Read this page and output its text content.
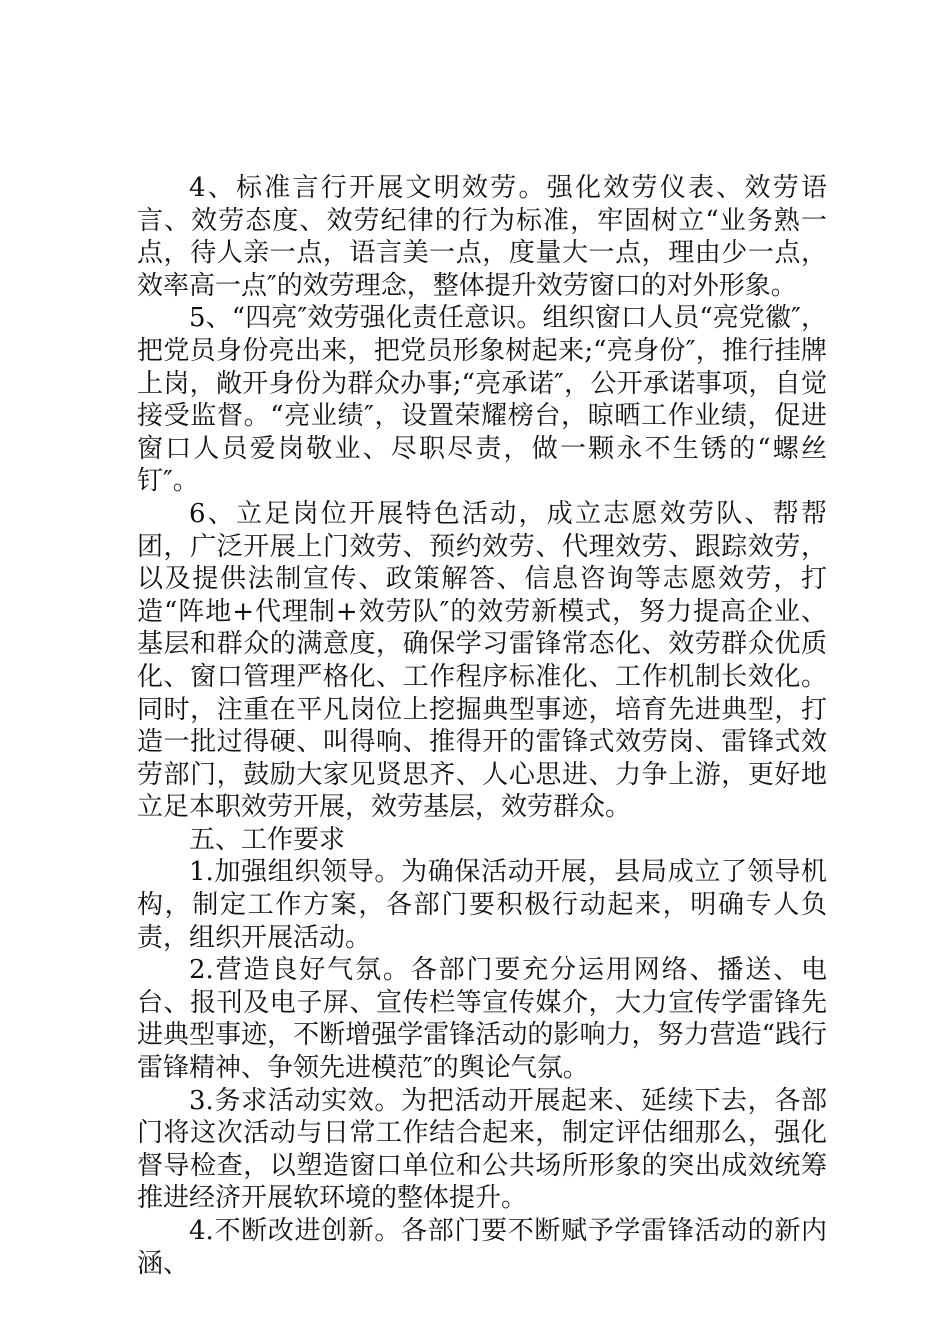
4、标准言行开展文明效劳。强化效劳仪表、效劳语言、效劳态度、效劳纪律的行为标准，牢固树立“业务熟一点，待人亲一点，语言美一点，度量大一点，理由少一点，效率高一点″的效劳理念，整体提升效劳窗口的对外形象。

5、“四亮″效劳强化责任意识。组织窗口人员“亮党徽″，把党员身份亮出来，把党员形象树起来;“亮身份″，推行挂牌上岗，敞开身份为群众办事;“亮承诺″，公开承诺事项，自觉接受监督。“亮业绩″，设置荣耀榜台，晾晒工作业绩，促进窗口人员爱岗敬业、尽职尽责，做一颗永不生锈的“螺丝钉″。

6、立足岗位开展特色活动，成立志愿效劳队、帮帮团，广泛开展上门效劳、预约效劳、代理效劳、跟踪效劳，以及提供法制宣传、政策解答、信息咨询等志愿效劳，打造“阵地+代理制+效劳队″的效劳新模式，努力提高企业、基层和群众的满意度，确保学习雷锋常态化、效劳群众优质化、窗口管理严格化、工作程序标准化、工作机制长效化。同时，注重在平凡岗位上挖掘典型事迹，培育先进典型，打造一批过得硬、叫得响、推得开的雷锋式效劳岗、雷锋式效劳部门，鼓励大家见贤思齐、人心思进、力争上游，更好地立足本职效劳开展，效劳基层，效劳群众。

五、工作要求

1.加强组织领导。为确保活动开展，县局成立了领导机构，制定工作方案，各部门要积极行动起来，明确专人负责，组织开展活动。

2.营造良好气氛。各部门要充分运用网络、播送、电台、报刊及电子屏、宣传栏等宣传媒介，大力宣传学雷锋先进典型事迹，不断增强学雷锋活动的影响力，努力营造“践行雷锋精神、争领先进模范″的舆论气氛。

3.务求活动实效。为把活动开展起来、延续下去，各部门将这次活动与日常工作结合起来，制定评估细那么，强化督导检查，以塑造窗口单位和公共场所形象的突出成效统筹推进经济开展软环境的整体提升。

4.不断改进创新。各部门要不断赋予学雷锋活动的新内涵、
